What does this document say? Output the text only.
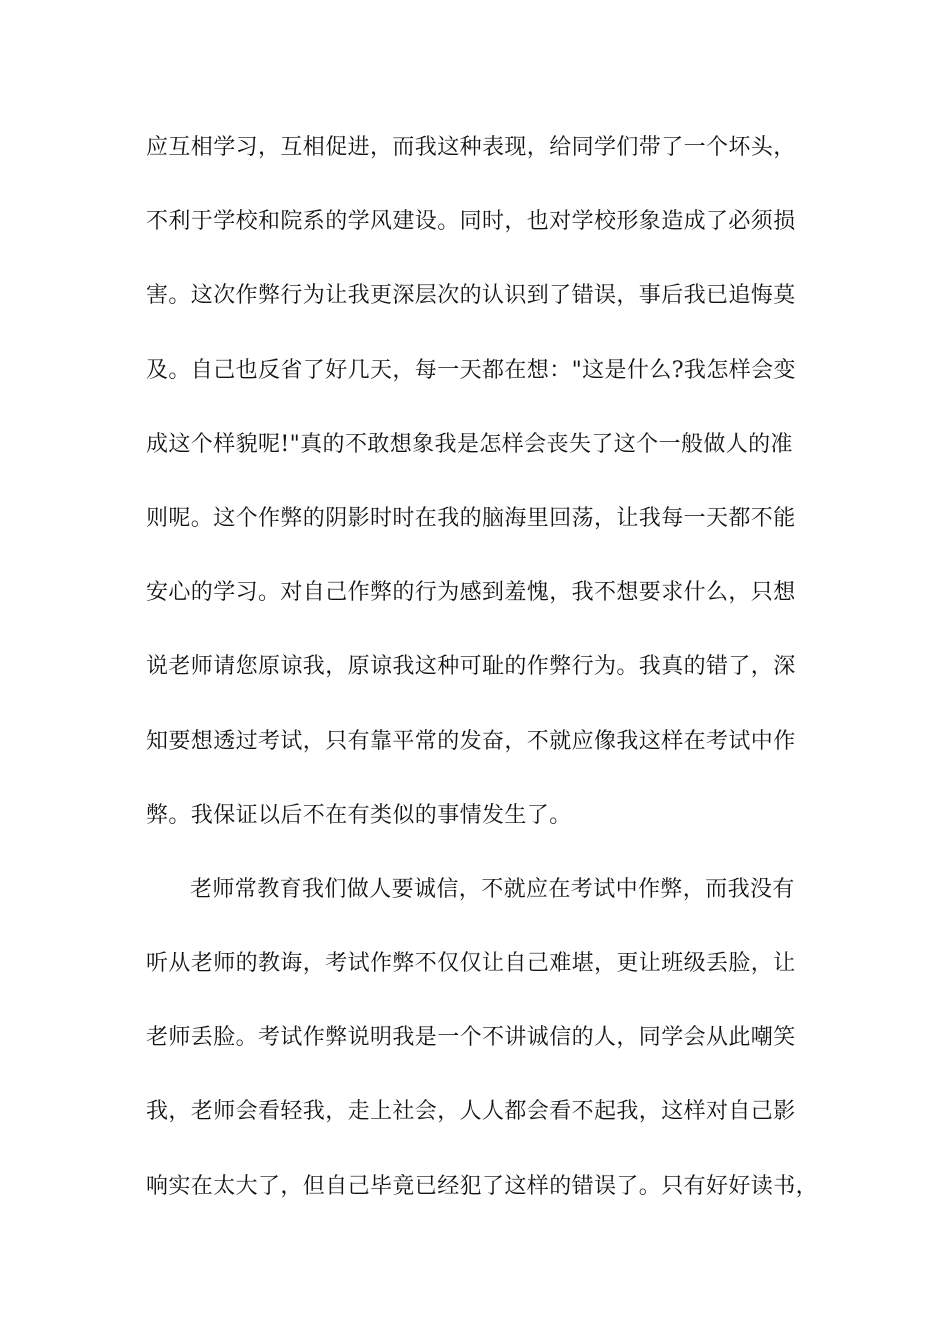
应互相学习，互相促进，而我这种表现，给同学们带了一个坏头，
不利于学校和院系的学风建设。同时，也对学校形象造成了必须损
害。这次作弊行为让我更深层次的认识到了错误，事后我已追悔莫
及。自己也反省了好几天，每一天都在想："这是什么?我怎样会变
成这个样貌呢!"真的不敢想象我是怎样会丧失了这个一般做人的准
则呢。这个作弊的阴影时时在我的脑海里回荡，让我每一天都不能
安心的学习。对自己作弊的行为感到羞愧，我不想要求什么，只想
说老师请您原谅我，原谅我这种可耻的作弊行为。我真的错了，深
知要想透过考试，只有靠平常的发奋，不就应像我这样在考试中作
弊。我保证以后不在有类似的事情发生了。
老师常教育我们做人要诚信，不就应在考试中作弊，而我没有
听从老师的教诲，考试作弊不仅仅让自己难堪，更让班级丢脸，让
老师丢脸。考试作弊说明我是一个不讲诚信的人，同学会从此嘲笑
我，老师会看轻我，走上社会，人人都会看不起我，这样对自己影
响实在太大了，但自己毕竟已经犯了这样的错误了。只有好好读书，
